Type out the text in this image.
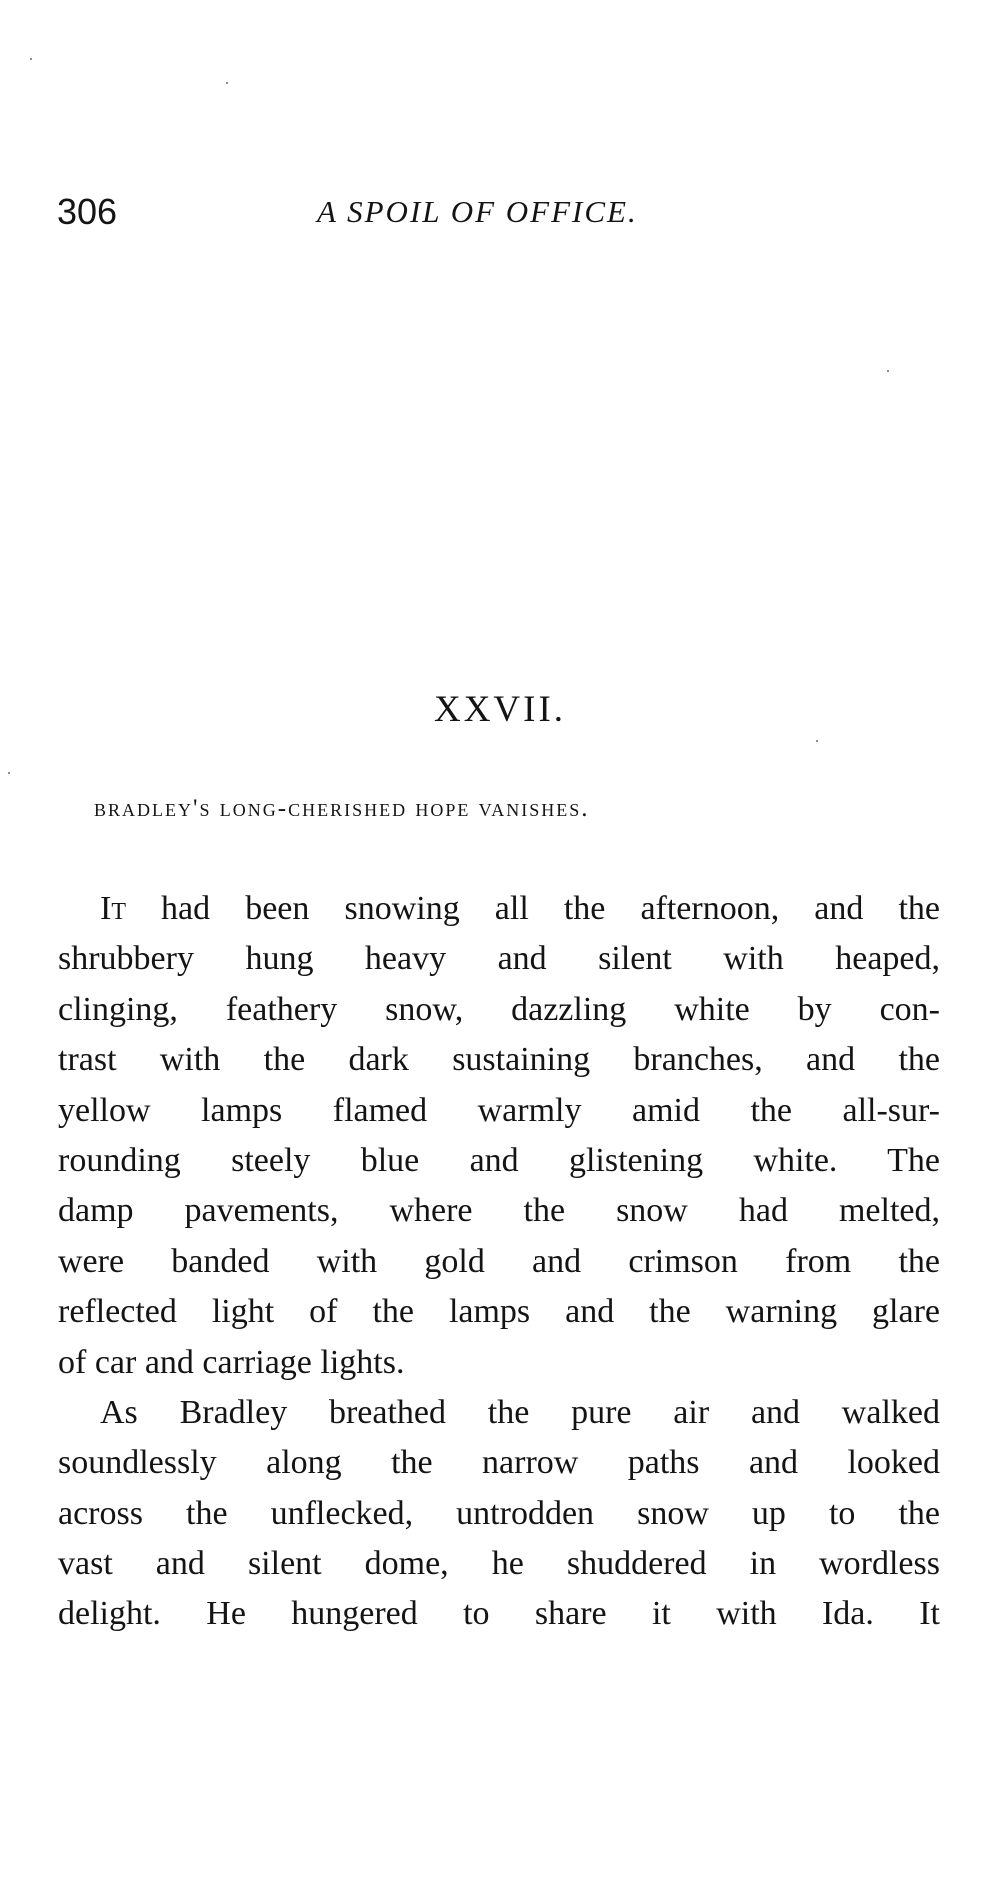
306	A SPOIL OF OFFICE.
XXVII.
bradley's long-cherished hope vanishes.
It had been snowing all the afternoon, and the
shrubbery hung heavy and silent with heaped,
clinging, feathery snow, dazzling white by con-
trast with the dark sustaining branches, and the
yellow lamps flamed warmly amid the all-sur-
rounding steely blue and glistening white. The
damp pavements, where the snow had melted,
were banded with gold and crimson from the
reflected light of the lamps and the warning glare
of car and carriage lights.
As Bradley breathed the pure air and walked
soundlessly along the narrow paths and looked
across the unflecked, untrodden snow up to the
vast and silent dome, he shuddered in wordless
delight. He hungered to share it with Ida. It
